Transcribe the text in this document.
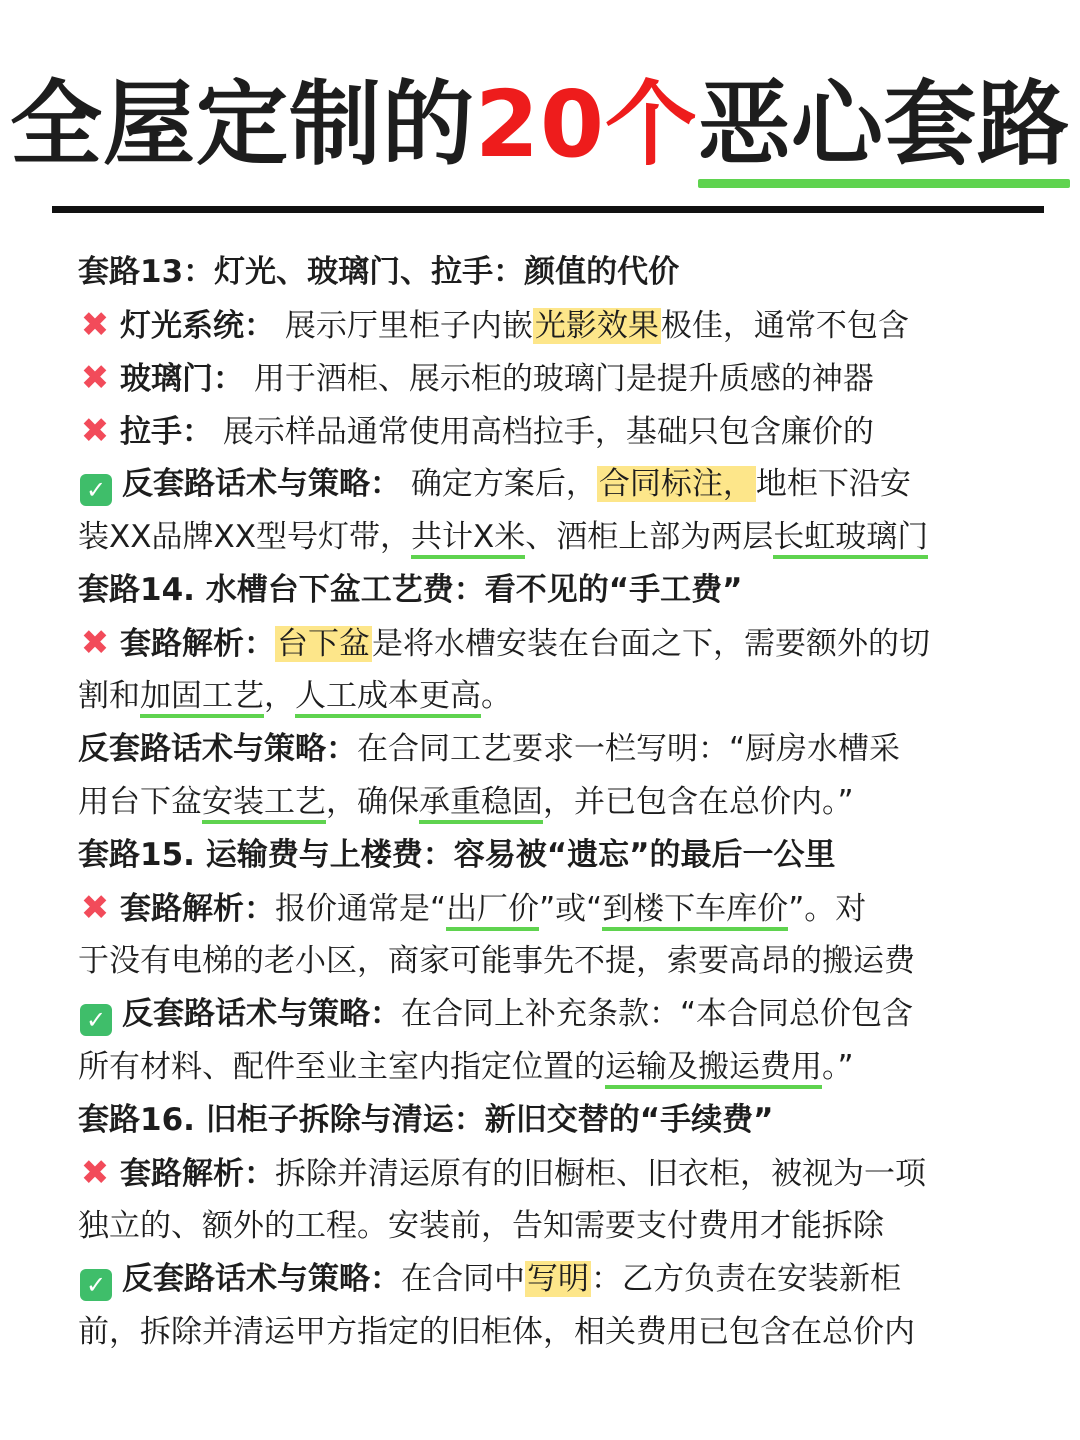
全屋定制的20个恶心套路
套路13：灯光、玻璃门、拉手：颜值的代价
✖ 灯光系统： 展示厅里柜子内嵌光影效果极佳，通常不包含
✖ 玻璃门： 用于酒柜、展示柜的玻璃门是提升质感的神器
✖ 拉手： 展示样品通常使用高档拉手，基础只包含廉价的
✓ 反套路话术与策略： 确定方案后，合同标注，地柜下沿安
装XX品牌XX型号灯带，共计X米、酒柜上部为两层长虹玻璃门
套路14. 水槽台下盆工艺费：看不见的“手工费”
✖ 套路解析：台下盆是将水槽安装在台面之下，需要额外的切
割和加固工艺，人工成本更高。
反套路话术与策略：在合同工艺要求一栏写明：“厨房水槽采
用台下盆安装工艺，确保承重稳固，并已包含在总价内。”
套路15. 运输费与上楼费：容易被“遗忘”的最后一公里
✖ 套路解析：报价通常是“出厂价”或“到楼下车库价”。对
于没有电梯的老小区，商家可能事先不提，索要高昂的搬运费
✓ 反套路话术与策略：在合同上补充条款：“本合同总价包含
所有材料、配件至业主室内指定位置的运输及搬运费用。”
套路16. 旧柜子拆除与清运：新旧交替的“手续费”
✖ 套路解析：拆除并清运原有的旧橱柜、旧衣柜，被视为一项
独立的、额外的工程。安装前，告知需要支付费用才能拆除
✓ 反套路话术与策略：在合同中写明：乙方负责在安装新柜
前，拆除并清运甲方指定的旧柜体，相关费用已包含在总价内
